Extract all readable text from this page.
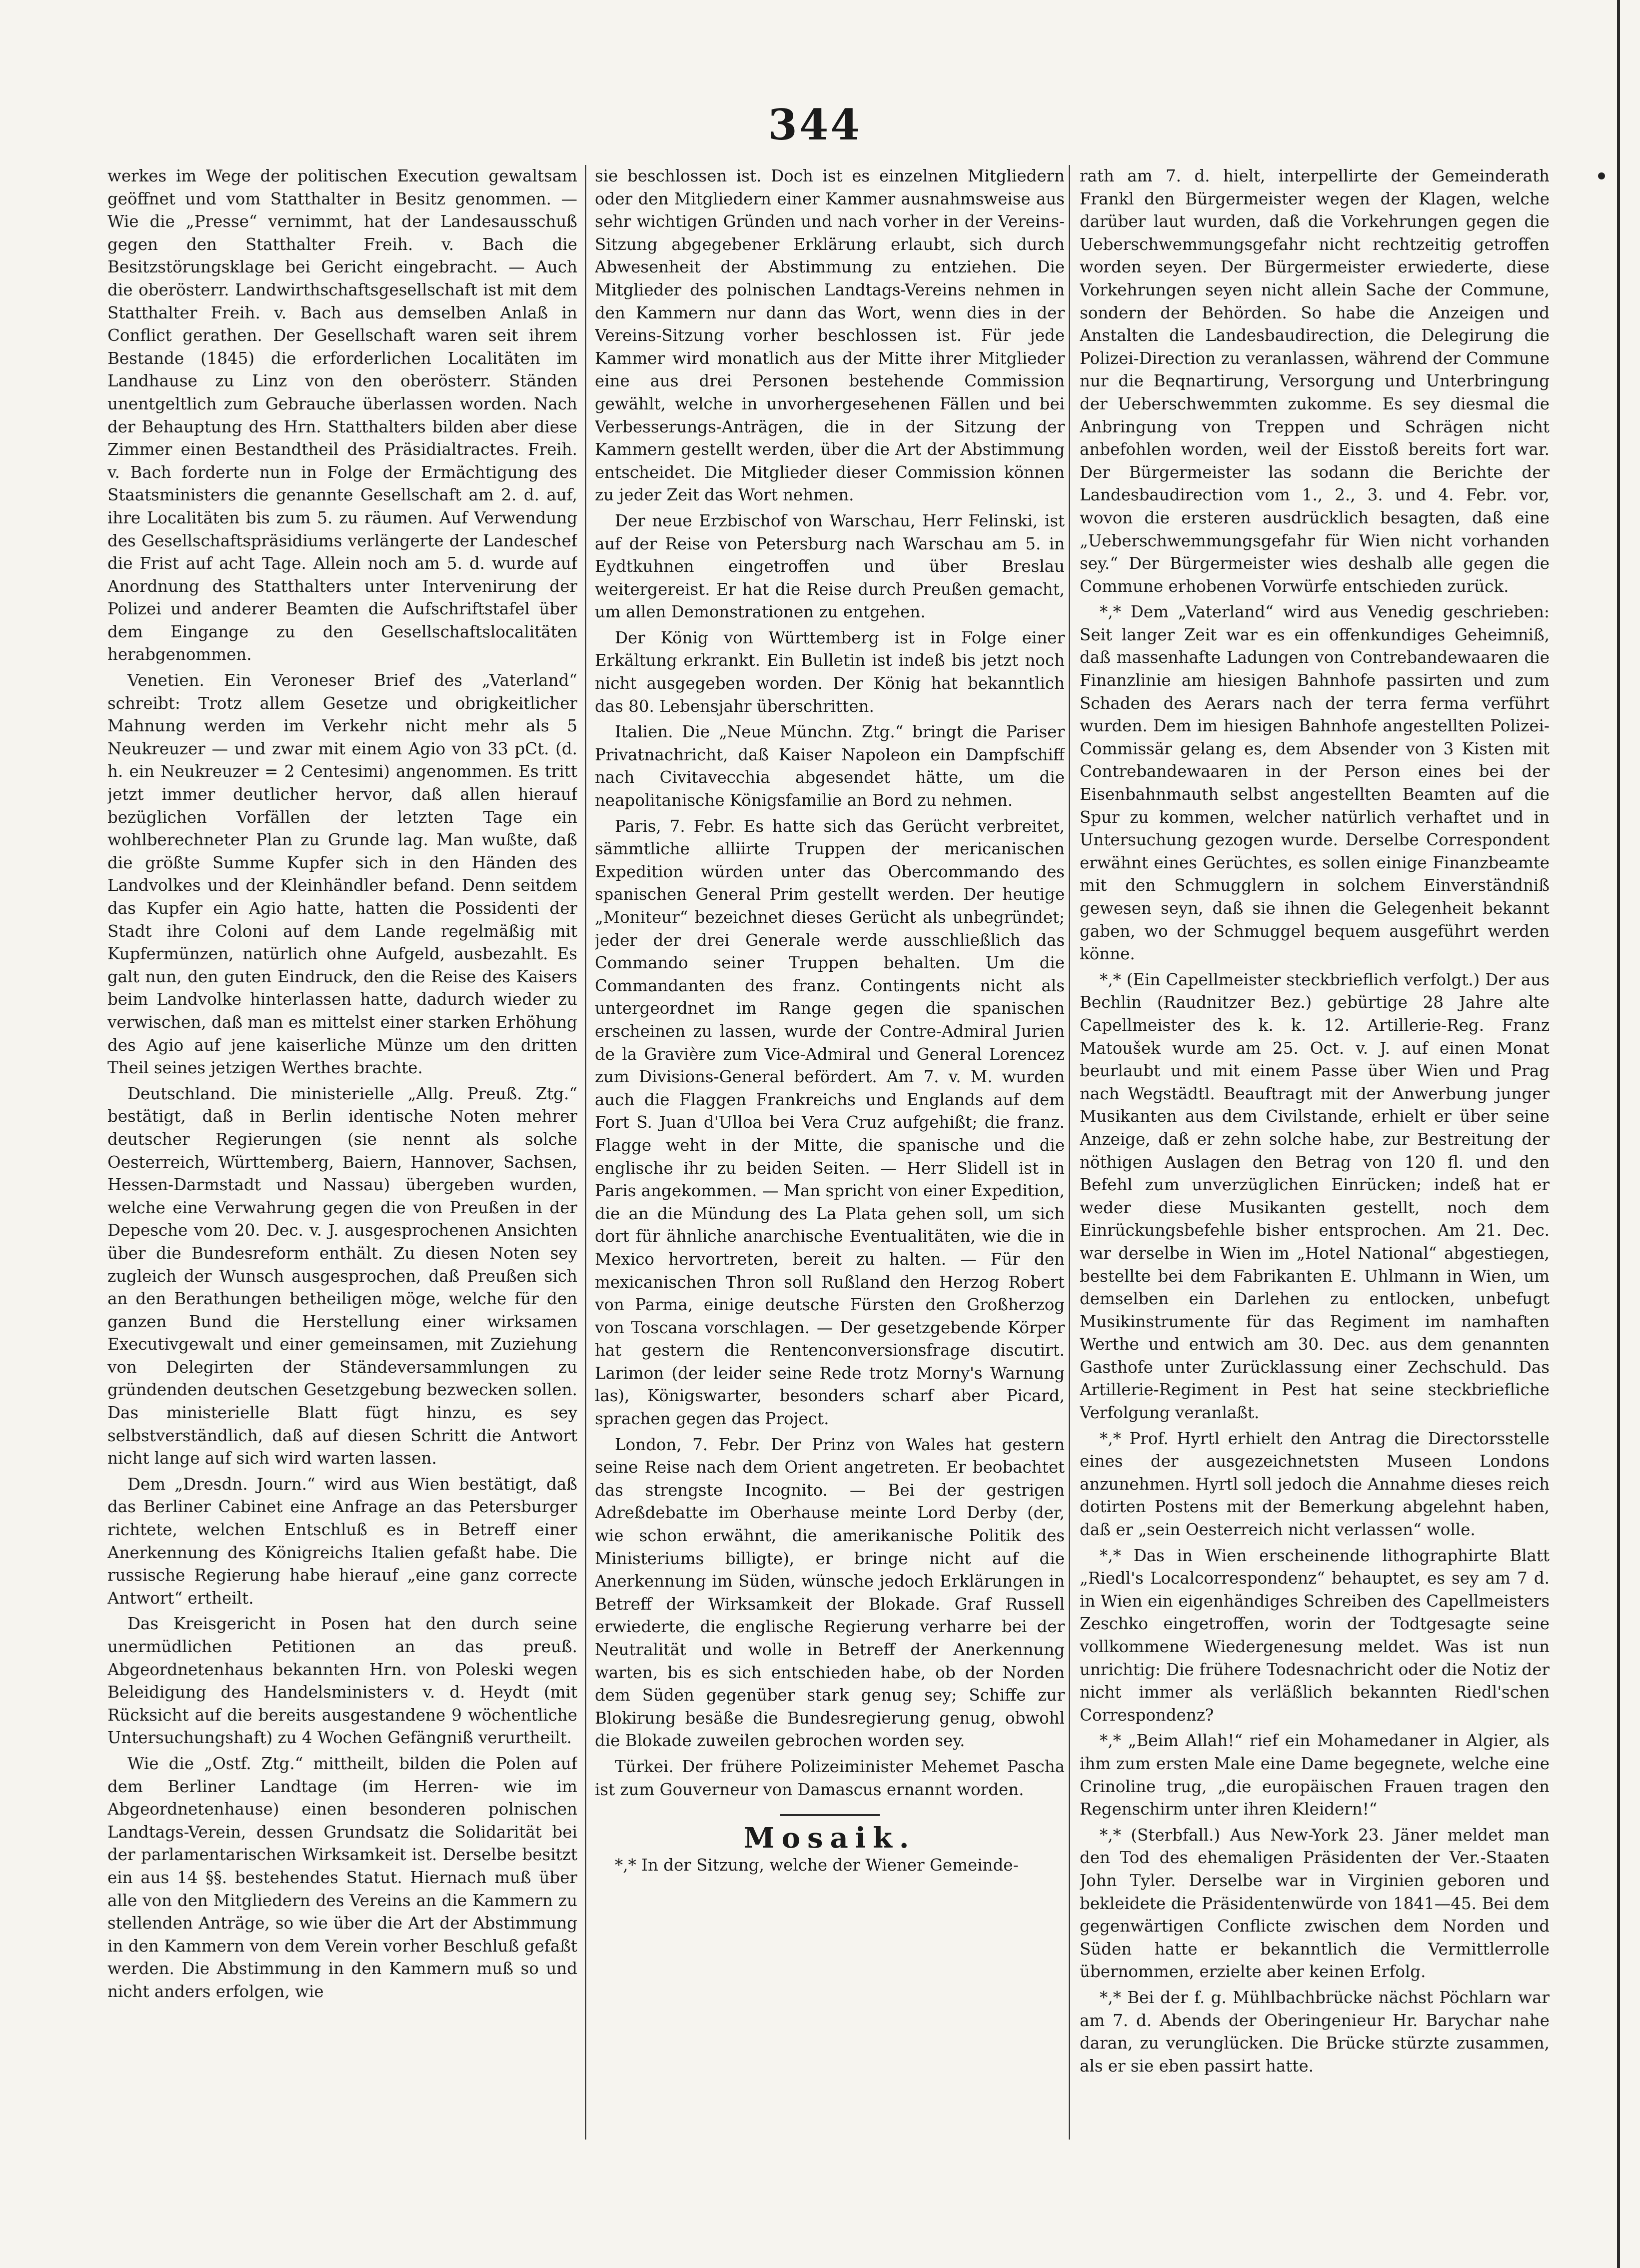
344

werkes im Wege der politischen Execution gewaltsam geöffnet und vom Statthalter in Besitz genommen. — Wie die „Presse“ vernimmt, hat der Landesausschuß gegen den Statthalter Freih. v. Bach die Besitzstörungsklage bei Gericht eingebracht. — Auch die oberösterr. Landwirthschaftsgesellschaft ist mit dem Statthalter Freih. v. Bach aus demselben Anlaß in Conflict gerathen. Der Gesellschaft waren seit ihrem Bestande (1845) die erforderlichen Localitäten im Landhause zu Linz von den oberösterr. Ständen unentgeltlich zum Gebrauche überlassen worden. Nach der Behauptung des Hrn. Statthalters bilden aber diese Zimmer einen Bestandtheil des Präsidialtractes. Freih. v. Bach forderte nun in Folge der Ermächtigung des Staatsministers die genannte Gesellschaft am 2. d. auf, ihre Localitäten bis zum 5. zu räumen. Auf Verwendung des Gesellschaftspräsidiums verlängerte der Landeschef die Frist auf acht Tage. Allein noch am 5. d. wurde auf Anordnung des Statthalters unter Intervenirung der Polizei und anderer Beamten die Aufschriftstafel über dem Eingange zu den Gesellschaftslocalitäten herabgenommen.

Venetien. Ein Veroneser Brief des „Vaterland“ schreibt: Trotz allem Gesetze und obrigkeitlicher Mahnung werden im Verkehr nicht mehr als 5 Neukreuzer — und zwar mit einem Agio von 33 pCt. (d. h. ein Neukreuzer = 2 Centesimi) angenommen. Es tritt jetzt immer deutlicher hervor, daß allen hierauf bezüglichen Vorfällen der letzten Tage ein wohlberechneter Plan zu Grunde lag. Man wußte, daß die größte Summe Kupfer sich in den Händen des Landvolkes und der Kleinhändler befand. Denn seitdem das Kupfer ein Agio hatte, hatten die Possidenti der Stadt ihre Coloni auf dem Lande regelmäßig mit Kupfermünzen, natürlich ohne Aufgeld, ausbezahlt. Es galt nun, den guten Eindruck, den die Reise des Kaisers beim Landvolke hinterlassen hatte, dadurch wieder zu verwischen, daß man es mittelst einer starken Erhöhung des Agio auf jene kaiserliche Münze um den dritten Theil seines jetzigen Werthes brachte.

Deutschland. Die ministerielle „Allg. Preuß. Ztg.“ bestätigt, daß in Berlin identische Noten mehrer deutscher Regierungen (sie nennt als solche Oesterreich, Württemberg, Baiern, Hannover, Sachsen, Hessen-Darmstadt und Nassau) übergeben wurden, welche eine Verwahrung gegen die von Preußen in der Depesche vom 20. Dec. v. J. ausgesprochenen Ansichten über die Bundesreform enthält. Zu diesen Noten sey zugleich der Wunsch ausgesprochen, daß Preußen sich an den Berathungen betheiligen möge, welche für den ganzen Bund die Herstellung einer wirksamen Executivgewalt und einer gemeinsamen, mit Zuziehung von Delegirten der Ständeversammlungen zu gründenden deutschen Gesetzgebung bezwecken sollen. Das ministerielle Blatt fügt hinzu, es sey selbstverständlich, daß auf diesen Schritt die Antwort nicht lange auf sich wird warten lassen.

Dem „Dresdn. Journ.“ wird aus Wien bestätigt, daß das Berliner Cabinet eine Anfrage an das Petersburger richtete, welchen Entschluß es in Betreff einer Anerkennung des Königreichs Italien gefaßt habe. Die russische Regierung habe hierauf „eine ganz correcte Antwort“ ertheilt.

Das Kreisgericht in Posen hat den durch seine unermüdlichen Petitionen an das preuß. Abgeordnetenhaus bekannten Hrn. von Poleski wegen Beleidigung des Handelsministers v. d. Heydt (mit Rücksicht auf die bereits ausgestandene 9 wöchentliche Untersuchungshaft) zu 4 Wochen Gefängniß verurtheilt.

Wie die „Ostf. Ztg.“ mittheilt, bilden die Polen auf dem Berliner Landtage (im Herren- wie im Abgeordnetenhause) einen besonderen polnischen Landtags-Verein, dessen Grundsatz die Solidarität bei der parlamentarischen Wirksamkeit ist. Derselbe besitzt ein aus 14 §§. bestehendes Statut. Hiernach muß über alle von den Mitgliedern des Vereins an die Kammern zu stellenden Anträge, so wie über die Art der Abstimmung in den Kammern von dem Verein vorher Beschluß gefaßt werden. Die Abstimmung in den Kammern muß so und nicht anders erfolgen, wie

sie beschlossen ist. Doch ist es einzelnen Mitgliedern oder den Mitgliedern einer Kammer ausnahmsweise aus sehr wichtigen Gründen und nach vorher in der Vereins-Sitzung abgegebener Erklärung erlaubt, sich durch Abwesenheit der Abstimmung zu entziehen. Die Mitglieder des polnischen Landtags-Vereins nehmen in den Kammern nur dann das Wort, wenn dies in der Vereins-Sitzung vorher beschlossen ist. Für jede Kammer wird monatlich aus der Mitte ihrer Mitglieder eine aus drei Personen bestehende Commission gewählt, welche in unvorhergesehenen Fällen und bei Verbesserungs-Anträgen, die in der Sitzung der Kammern gestellt werden, über die Art der Abstimmung entscheidet. Die Mitglieder dieser Commission können zu jeder Zeit das Wort nehmen.

Der neue Erzbischof von Warschau, Herr Felinski, ist auf der Reise von Petersburg nach Warschau am 5. in Eydtkuhnen eingetroffen und über Breslau weitergereist. Er hat die Reise durch Preußen gemacht, um allen Demonstrationen zu entgehen.

Der König von Württemberg ist in Folge einer Erkältung erkrankt. Ein Bulletin ist indeß bis jetzt noch nicht ausgegeben worden. Der König hat bekanntlich das 80. Lebensjahr überschritten.

Italien. Die „Neue Münchn. Ztg.“ bringt die Pariser Privatnachricht, daß Kaiser Napoleon ein Dampfschiff nach Civitavecchia abgesendet hätte, um die neapolitanische Königsfamilie an Bord zu nehmen.

Paris, 7. Febr. Es hatte sich das Gerücht verbreitet, sämmtliche alliirte Truppen der mericanischen Expedition würden unter das Obercommando des spanischen General Prim gestellt werden. Der heutige „Moniteur“ bezeichnet dieses Gerücht als unbegründet; jeder der drei Generale werde ausschließlich das Commando seiner Truppen behalten. Um die Commandanten des franz. Contingents nicht als untergeordnet im Range gegen die spanischen erscheinen zu lassen, wurde der Contre-Admiral Jurien de la Gravière zum Vice-Admiral und General Lorencez zum Divisions-General befördert. Am 7. v. M. wurden auch die Flaggen Frankreichs und Englands auf dem Fort S. Juan d'Ulloa bei Vera Cruz aufgehißt; die franz. Flagge weht in der Mitte, die spanische und die englische ihr zu beiden Seiten. — Herr Slidell ist in Paris angekommen. — Man spricht von einer Expedition, die an die Mündung des La Plata gehen soll, um sich dort für ähnliche anarchische Eventualitäten, wie die in Mexico hervortreten, bereit zu halten. — Für den mexicanischen Thron soll Rußland den Herzog Robert von Parma, einige deutsche Fürsten den Großherzog von Toscana vorschlagen. — Der gesetzgebende Körper hat gestern die Rentenconversionsfrage discutirt. Larimon (der leider seine Rede trotz Morny's Warnung las), Königswarter, besonders scharf aber Picard, sprachen gegen das Project.

London, 7. Febr. Der Prinz von Wales hat gestern seine Reise nach dem Orient angetreten. Er beobachtet das strengste Incognito. — Bei der gestrigen Adreßdebatte im Oberhause meinte Lord Derby (der, wie schon erwähnt, die amerikanische Politik des Ministeriums billigte), er bringe nicht auf die Anerkennung im Süden, wünsche jedoch Erklärungen in Betreff der Wirksamkeit der Blokade. Graf Russell erwiederte, die englische Regierung verharre bei der Neutralität und wolle in Betreff der Anerkennung warten, bis es sich entschieden habe, ob der Norden dem Süden gegenüber stark genug sey; Schiffe zur Blokirung besäße die Bundesregierung genug, obwohl die Blokade zuweilen gebrochen worden sey.

Türkei. Der frühere Polizeiminister Mehemet Pascha ist zum Gouverneur von Damascus ernannt worden.

Mosaik.

*,* In der Sitzung, welche der Wiener Gemeinde-

rath am 7. d. hielt, interpellirte der Gemeinderath Frankl den Bürgermeister wegen der Klagen, welche darüber laut wurden, daß die Vorkehrungen gegen die Ueberschwemmungsgefahr nicht rechtzeitig getroffen worden seyen. Der Bürgermeister erwiederte, diese Vorkehrungen seyen nicht allein Sache der Commune, sondern der Behörden. So habe die Anzeigen und Anstalten die Landesbaudirection, die Delegirung die Polizei-Direction zu veranlassen, während der Commune nur die Beqnartirung, Versorgung und Unterbringung der Ueberschwemmten zukomme. Es sey diesmal die Anbringung von Treppen und Schrägen nicht anbefohlen worden, weil der Eisstoß bereits fort war. Der Bürgermeister las sodann die Berichte der Landesbaudirection vom 1., 2., 3. und 4. Febr. vor, wovon die ersteren ausdrücklich besagten, daß eine „Ueberschwemmungsgefahr für Wien nicht vorhanden sey.“ Der Bürgermeister wies deshalb alle gegen die Commune erhobenen Vorwürfe entschieden zurück.

*,* Dem „Vaterland“ wird aus Venedig geschrieben: Seit langer Zeit war es ein offenkundiges Geheimniß, daß massenhafte Ladungen von Contrebandewaaren die Finanzlinie am hiesigen Bahnhofe passirten und zum Schaden des Aerars nach der terra ferma verführt wurden. Dem im hiesigen Bahnhofe angestellten Polizei-Commissär gelang es, dem Absender von 3 Kisten mit Contrebandewaaren in der Person eines bei der Eisenbahnmauth selbst angestellten Beamten auf die Spur zu kommen, welcher natürlich verhaftet und in Untersuchung gezogen wurde. Derselbe Correspondent erwähnt eines Gerüchtes, es sollen einige Finanzbeamte mit den Schmugglern in solchem Einverständniß gewesen seyn, daß sie ihnen die Gelegenheit bekannt gaben, wo der Schmuggel bequem ausgeführt werden könne.

*,* (Ein Capellmeister steckbrieflich verfolgt.) Der aus Bechlin (Raudnitzer Bez.) gebürtige 28 Jahre alte Capellmeister des k. k. 12. Artillerie-Reg. Franz Matoušek wurde am 25. Oct. v. J. auf einen Monat beurlaubt und mit einem Passe über Wien und Prag nach Wegstädtl. Beauftragt mit der Anwerbung junger Musikanten aus dem Civilstande, erhielt er über seine Anzeige, daß er zehn solche habe, zur Bestreitung der nöthigen Auslagen den Betrag von 120 fl. und den Befehl zum unverzüglichen Einrücken; indeß hat er weder diese Musikanten gestellt, noch dem Einrückungsbefehle bisher entsprochen. Am 21. Dec. war derselbe in Wien im „Hotel National“ abgestiegen, bestellte bei dem Fabrikanten E. Uhlmann in Wien, um demselben ein Darlehen zu entlocken, unbefugt Musikinstrumente für das Regiment im namhaften Werthe und entwich am 30. Dec. aus dem genannten Gasthofe unter Zurücklassung einer Zechschuld. Das Artillerie-Regiment in Pest hat seine steckbriefliche Verfolgung veranlaßt.

*,* Prof. Hyrtl erhielt den Antrag die Directorsstelle eines der ausgezeichnetsten Museen Londons anzunehmen. Hyrtl soll jedoch die Annahme dieses reich dotirten Postens mit der Bemerkung abgelehnt haben, daß er „sein Oesterreich nicht verlassen“ wolle.

*,* Das in Wien erscheinende lithographirte Blatt „Riedl's Localcorrespondenz“ behauptet, es sey am 7 d. in Wien ein eigenhändiges Schreiben des Capellmeisters Zeschko eingetroffen, worin der Todtgesagte seine vollkommene Wiedergenesung meldet. Was ist nun unrichtig: Die frühere Todesnachricht oder die Notiz der nicht immer als verläßlich bekannten Riedl'schen Correspondenz?

*,* „Beim Allah!“ rief ein Mohamedaner in Algier, als ihm zum ersten Male eine Dame begegnete, welche eine Crinoline trug, „die europäischen Frauen tragen den Regenschirm unter ihren Kleidern!“

*,* (Sterbfall.) Aus New-York 23. Jäner meldet man den Tod des ehemaligen Präsidenten der Ver.-Staaten John Tyler. Derselbe war in Virginien geboren und bekleidete die Präsidentenwürde von 1841—45. Bei dem gegenwärtigen Conflicte zwischen dem Norden und Süden hatte er bekanntlich die Vermittlerrolle übernommen, erzielte aber keinen Erfolg.

*,* Bei der f. g. Mühlbachbrücke nächst Pöchlarn war am 7. d. Abends der Oberingenieur Hr. Barychar nahe daran, zu verunglücken. Die Brücke stürzte zusammen, als er sie eben passirt hatte.
